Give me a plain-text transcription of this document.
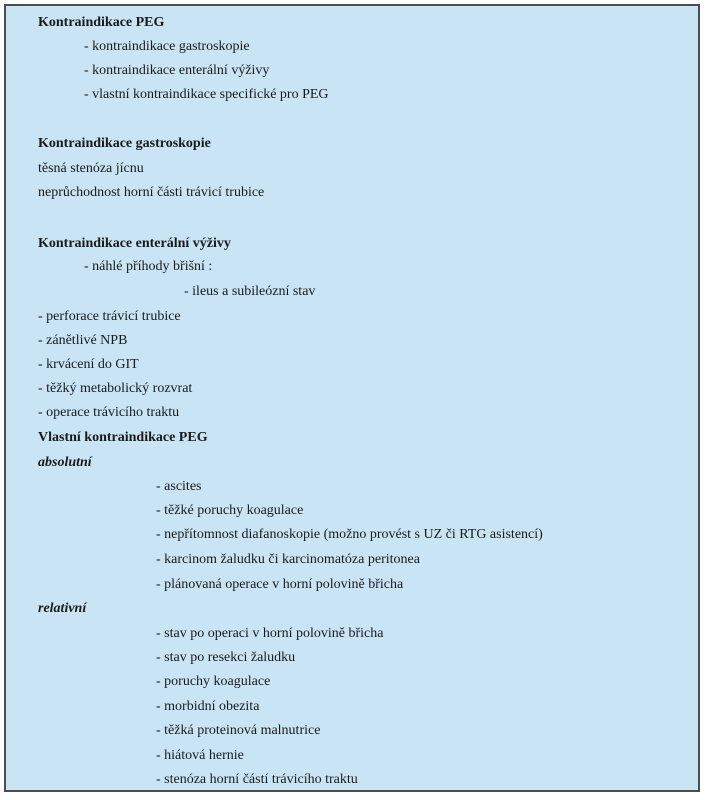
Kontraindikace PEG
- kontraindikace gastroskopie
- kontraindikace enterální výživy
- vlastní kontraindikace specifické pro PEG
Kontraindikace gastroskopie
těsná stenóza jícnu
neprůchodnost horní části trávicí trubice
Kontraindikace enterální výživy
- náhlé příhody břišní :
- ileus a subileózní stav
- perforace trávicí trubice
- zánětlivé NPB
- krvácení do GIT
- těžký metabolický rozvrat
- operace trávicího traktu
Vlastní kontraindikace PEG
absolutní
- ascites
- těžké poruchy koagulace
- nepřítomnost diafanoskopie (možno provést s UZ či RTG asistencí)
- karcinom žaludku či karcinomatóza peritonea
- plánovaná operace v horní polovině břicha
relativní
- stav po operaci v horní polovině břicha
- stav po resekci žaludku
- poruchy koagulace
- morbidní obezita
- těžká proteinová malnutrice
- hiátová hernie
- stenóza horní částí trávicího traktu
